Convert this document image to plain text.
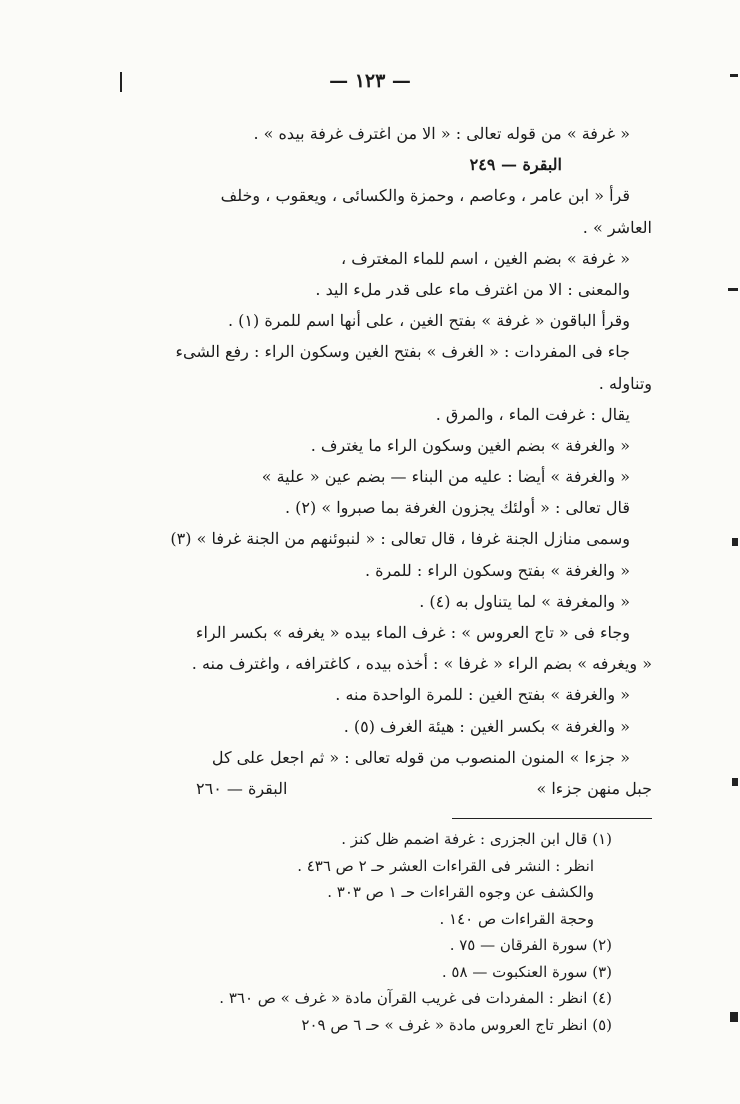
— ١٢٣ —
« غرفة » من قوله تعالى : « الا من اغترف غرفة بيده » .
البقرة — ٢٤٩
قرأ « ابن عامر ، وعاصم ، وحمزة والكسائى ، ويعقوب ، وخلف
العاشر » .
« غرفة » بضم الغين ، اسم للماء المغترف ،
والمعنى : الا من اغترف ماء على قدر ملء اليد .
وقرأ الباقون « غرفة » بفتح الغين ، على أنها اسم للمرة (١) .
جاء فى المفردات : « الغرف » بفتح الغين وسكون الراء : رفع الشىء
وتناوله .
يقال : غرفت الماء ، والمرق .
« والغرفة » بضم الغين وسكون الراء ما يغترف .
« والغرفة » أيضا : عليه من البناء — بضم عين « علية »
قال تعالى : « أولئك يجزون الغرفة بما صبروا » (٢) .
وسمى منازل الجنة غرفا ، قال تعالى : « لنبوئنهم من الجنة غرفا » (٣)
« والغرفة » بفتح وسكون الراء : للمرة .
« والمغرفة » لما يتناول به (٤) .
وجاء فى « تاج العروس » : غرف الماء بيده « يغرفه » بكسر الراء
« ويغرفه » بضم الراء « غرفا » : أخذه بيده ، كاغترافه ، واغترف منه .
« والغرفة » بفتح الغين : للمرة الواحدة منه .
« والغرفة » بكسر الغين : هيئة الغرف (٥) .
« جزءا » المنون المنصوب من قوله تعالى : « ثم اجعل على كل
جبل منهن جزءا »
البقرة — ٢٦٠
(١) قال ابن الجزرى : غرفة اضمم ظل كنز .
انظر : النشر فى القراءات العشر حـ ٢ ص ٤٣٦ .
والكشف عن وجوه القراءات حـ ١ ص ٣٠٣ .
وحجة القراءات ص ١٤٠ .
(٢) سورة الفرقان — ٧٥ .
(٣) سورة العنكبوت — ٥٨ .
(٤) انظر : المفردات فى غريب القرآن مادة « غرف » ص ٣٦٠ .
(٥) انظر تاج العروس مادة « غرف » حـ ٦ ص ٢٠٩
